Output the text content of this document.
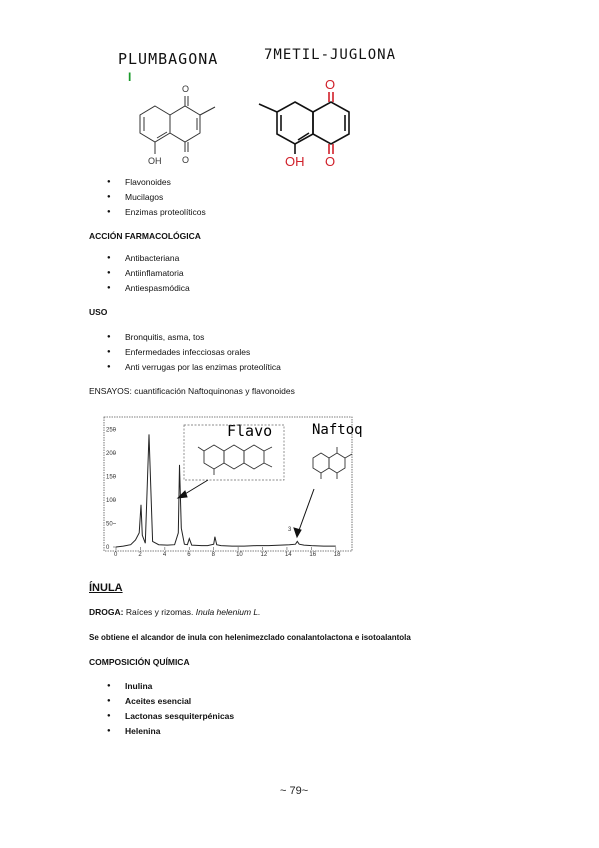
PLUMBAGONA	7METIL-JUGLONA
I
O
O
OH
O
O
OH
● Flavonoides
● Mucilagos
● Enzimas proteolíticos
ACCIÓN FARMACOLÓGICA
● Antibacteriana
● Antiinflamatoria
● Antiespasmódica
USO
● Bronquitis, asma, tos
● Enfermedades infecciosas orales
● Anti verrugas por las enzimas proteolítica
ENSAYOS: cuantificación Naftoquinonas y flavonoides
250
200
150
100
50
0
0	2	4	6	8	10	12	14	16	18
Flavo	Naftoq
3
ÍNULA
DROGA: Raíces y rizomas. Inula helenium L.
Se obtiene el alcandor de inula con helenimezclado conalantolactona e isotoalantola
COMPOSICIÓN QUÍMICA
● Inulina
● Aceites esencial
● Lactonas sesquiterpénicas
● Helenina
~ 79~
